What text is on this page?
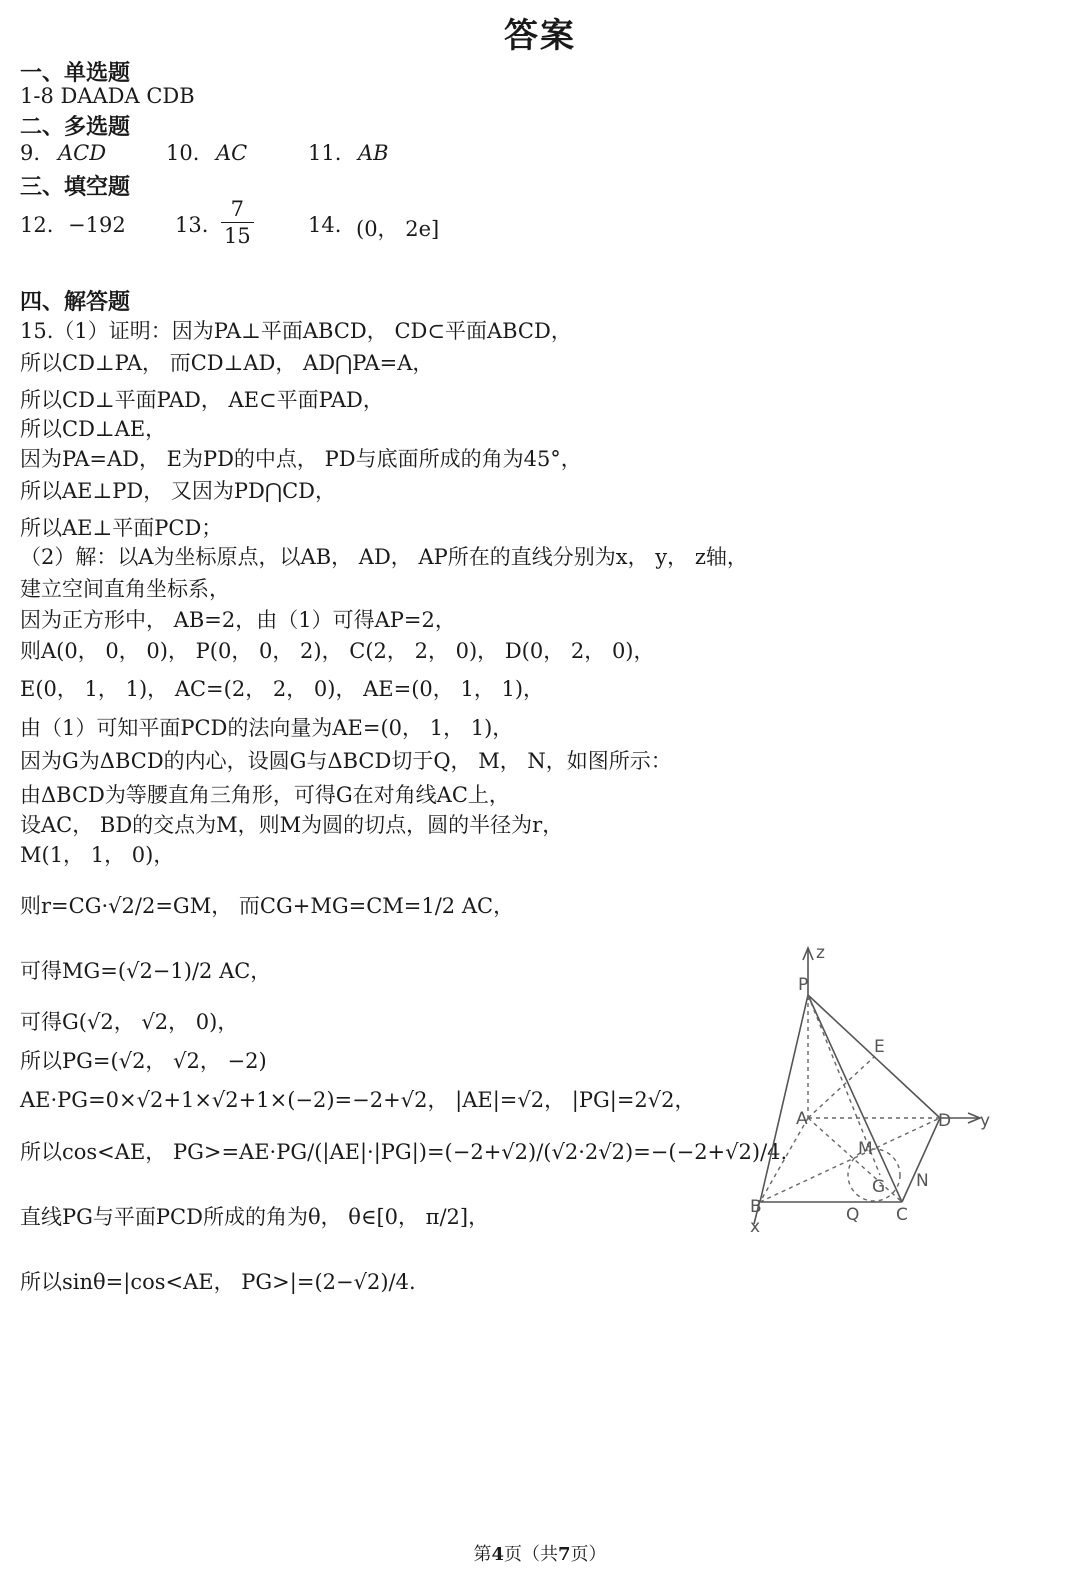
答案
一、单选题
1-8 DAADA CDB
二、多选题
9. ACD	10. AC	11. AB
三、填空题
12. −192 13. $\frac{7}{15}$	14. (0， 2e]
四、解答题
15.（1）证明：因为PA⊥平面ABCD， CD⊂平面ABCD，
所以CD⊥PA， 而CD⊥AD， AD⋂PA=A，
所以CD⊥平面PAD， AE⊂平面PAD，
所以CD⊥AE，
因为PA=AD， E为PD的中点， PD与底面所成的角为45°，
所以AE⊥PD， 又因为PD⋂CD，
所以AE⊥平面PCD；
（2）解：以A为坐标原点，以AB， AD， AP所在的直线分别为x， y， z轴，
建立空间直角坐标系，
因为正方形中， AB=2，由（1）可得AP=2，
则A(0， 0， 0)， P(0， 0， 2)， C(2， 2， 0)， D(0， 2， 0)，
E(0， 1， 1)， AC=(2， 2， 0)， AE=(0， 1， 1)，
由（1）可知平面PCD的法向量为AE=(0， 1， 1)，
因为G为ΔBCD的内心，设圆G与ΔBCD切于Q， M， N，如图所示：
由ΔBCD为等腰直角三角形，可得G在对角线AC上，
设AC， BD的交点为M，则M为圆的切点，圆的半径为r，
M(1， 1， 0)，
则r=CG·√2/2=GM， 而CG+MG=CM=1/2 AC，
可得MG=(√2−1)/2 AC，
可得G(√2， √2， 0)，
所以PG=(√2， √2， −2)
AE·PG=0×√2+1×√2+1×(−2)=−2+√2， |AE|=√2， |PG|=2√2，
所以cos<AE， PG>=AE·PG/(|AE|·|PG|)=(−2+√2)/(√2·2√2)=−(−2+√2)/4.
直线PG与平面PCD所成的角为θ， θ∈[0， π/2]，
所以sinθ=|cos<AE， PG>|=(2−√2)/4.
z
P
E
A	D y
M
G N
B
x
Q C
第4页（共7页）
